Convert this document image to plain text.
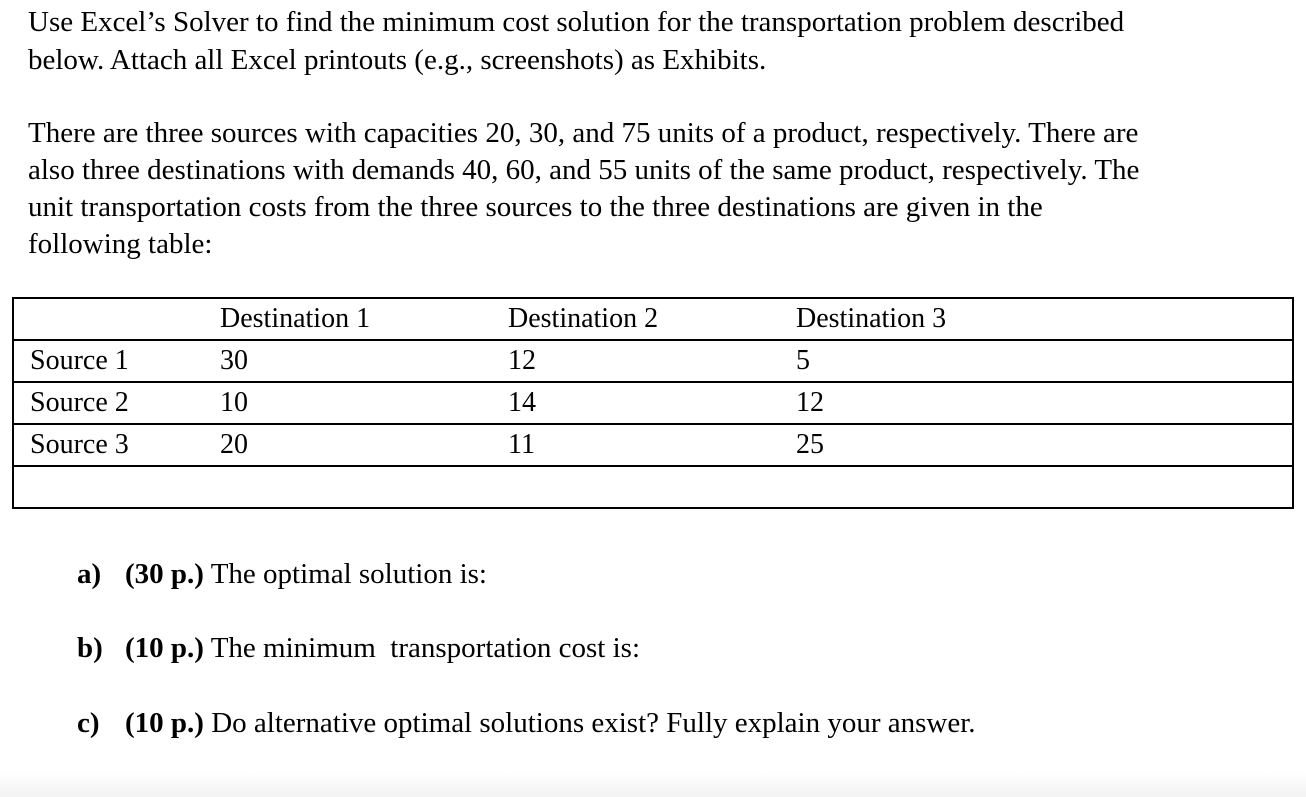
Use Excel’s Solver to find the minimum cost solution for the transportation problem described

below. Attach all Excel printouts (e.g., screenshots) as Exhibits.

There are three sources with capacities 20, 30, and 75 units of a product, respectively. There are

also three destinations with demands 40, 60, and 55 units of the same product, respectively. The

unit transportation costs from the three sources to the three destinations are given in the

following table:

	Destination 1	Destination 2	Destination 3
Source 1	30	12	5
Source 2	10	14	12
Source 3	20	11	25

a) (30 p.) The optimal solution is:

b) (10 p.) The minimum  transportation cost is:

c) (10 p.) Do alternative optimal solutions exist? Fully explain your answer.
